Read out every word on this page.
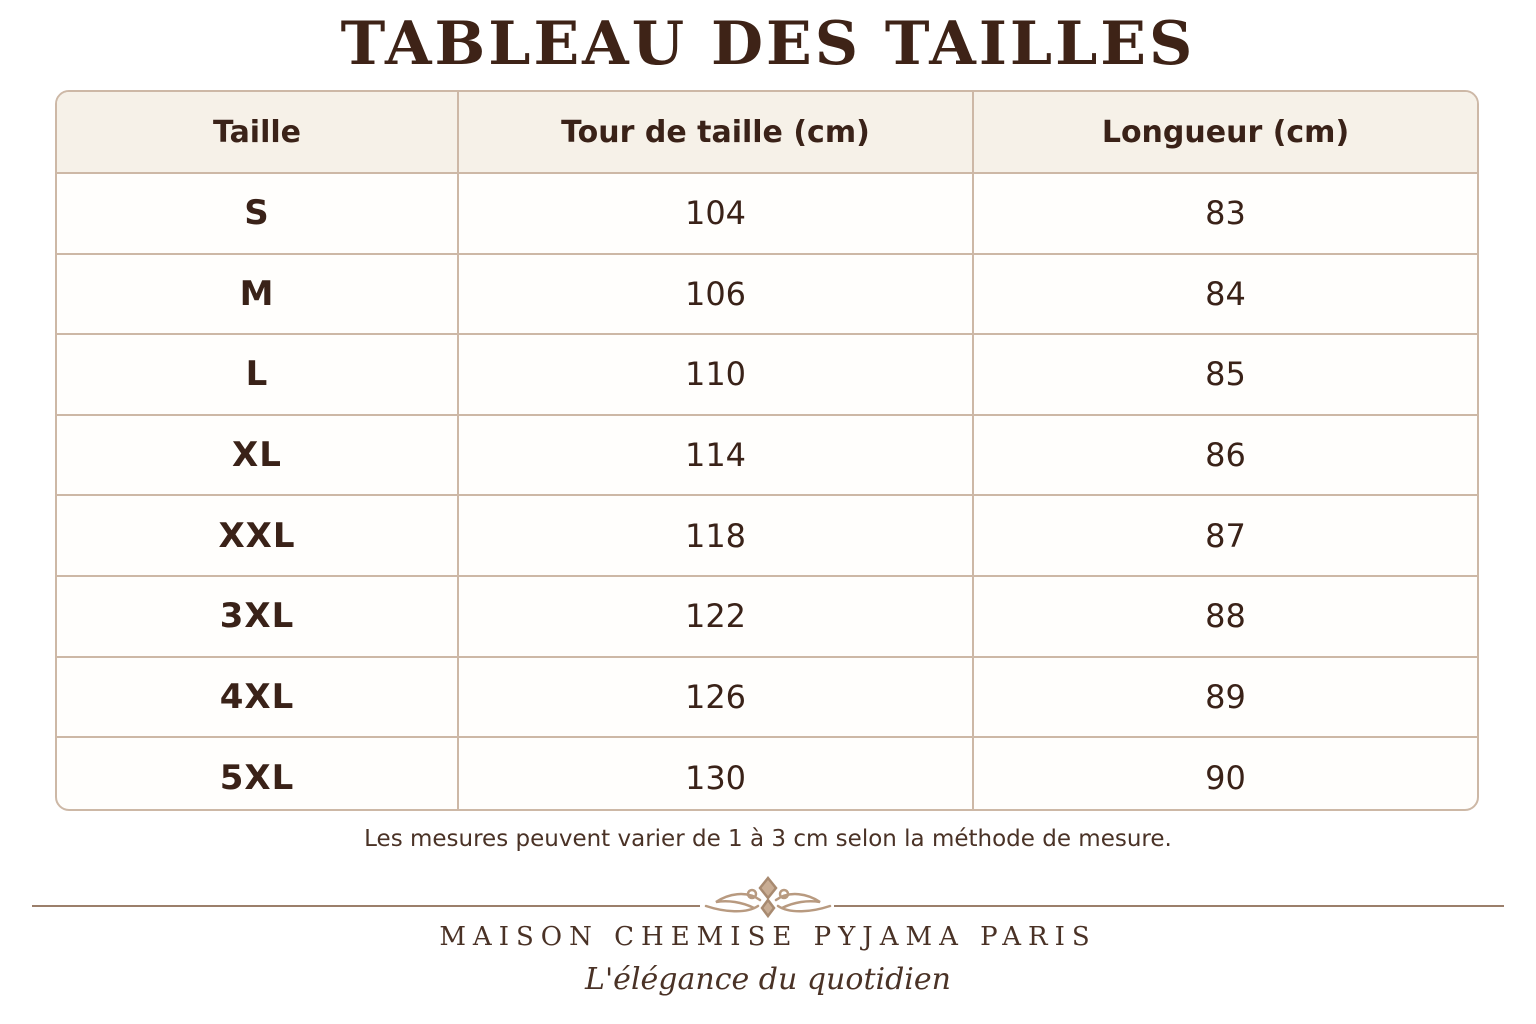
TABLEAU DES TAILLES
Taille	Tour de taille (cm)	Longueur (cm)
S	104	83
M	106	84
L	110	85
XL	114	86
XXL	118	87
3XL	122	88
4XL	126	89
5XL	130	90
Les mesures peuvent varier de 1 à 3 cm selon la méthode de mesure.
MAISON CHEMISE PYJAMA PARIS
L'élégance du quotidien
